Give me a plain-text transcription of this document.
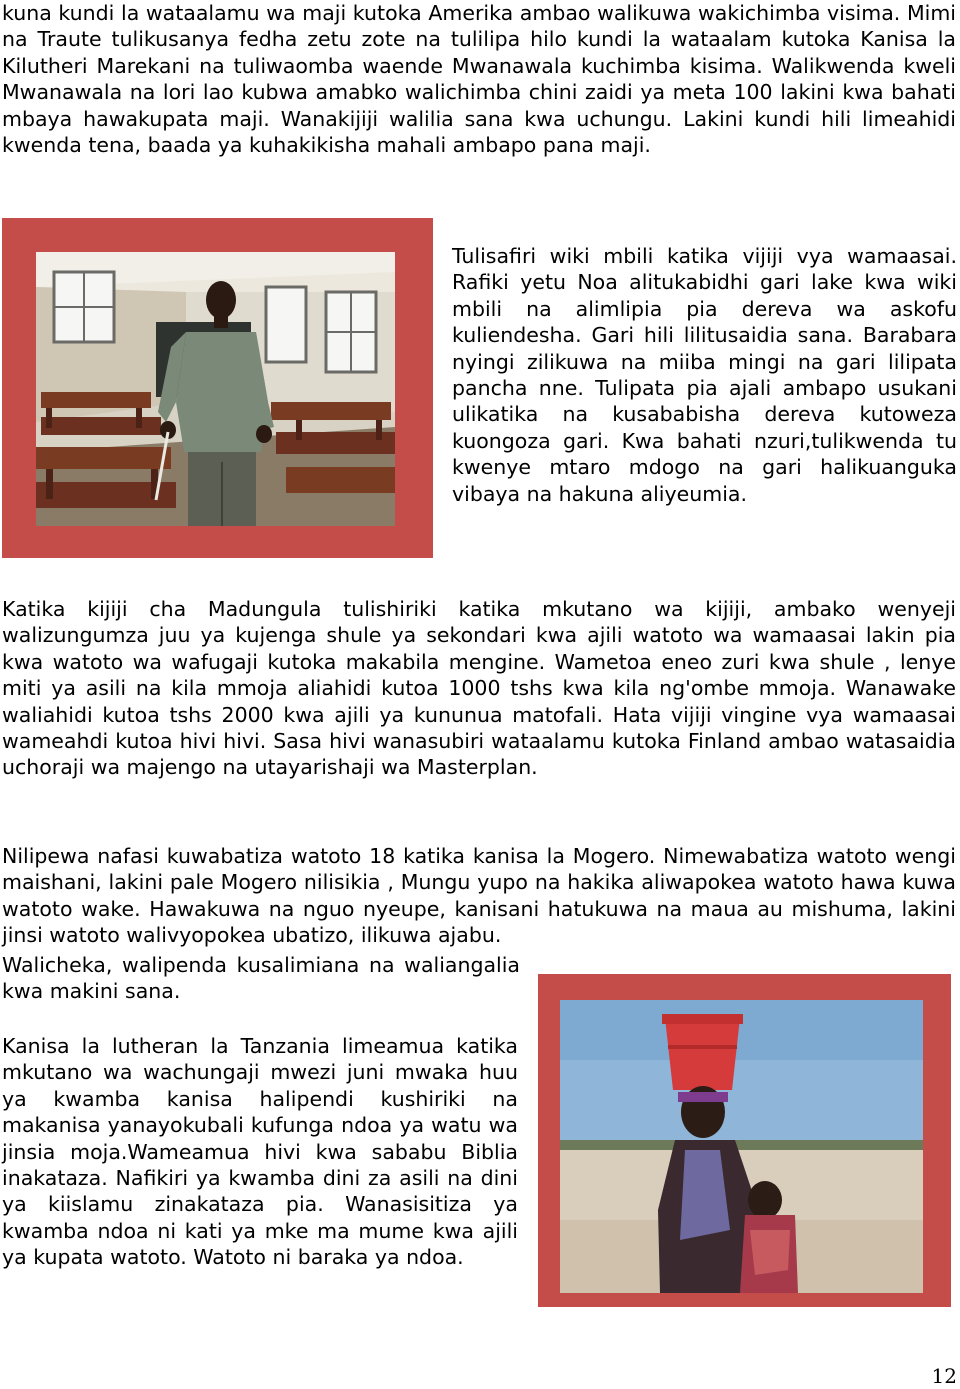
kuna kundi la wataalamu wa maji kutoka Amerika ambao walikuwa wakichimba visima. Mimi na Traute tulikusanya fedha zetu zote na tulilipa hilo kundi la wataalam kutoka Kanisa la Kilutheri Marekani na tuliwaomba waende Mwanawala kuchimba kisima. Walikwenda kweli Mwanawala na lori lao kubwa amabko walichimba chini zaidi ya meta 100 lakini kwa bahati mbaya hawakupata maji. Wanakijiji walilia sana kwa uchungu. Lakini kundi hili limeahidi kwenda tena, baada ya kuhakikisha mahali ambapo pana maji.

Tulisafiri wiki mbili katika vijiji vya wamaasai. Rafiki yetu Noa alitukabidhi gari lake kwa wiki mbili na alimlipia pia dereva wa askofu kuliendesha. Gari hili lilitusaidia sana. Barabara nyingi zilikuwa na miiba mingi na gari lilipata pancha nne. Tulipata pia ajali ambapo usukani ulikatika na kusababisha dereva kutoweza kuongoza gari. Kwa bahati nzuri,tulikwenda tu kwenye mtaro mdogo na gari halikuanguka vibaya na hakuna aliyeumia.

Katika kijiji cha Madungula tulishiriki katika mkutano wa kijiji, ambako wenyeji walizungumza juu ya kujenga shule ya sekondari kwa ajili watoto wa wamaasai lakin pia kwa watoto wa wafugaji kutoka makabila mengine. Wametoa eneo zuri kwa shule , lenye miti ya asili na kila mmoja aliahidi kutoa 1000 tshs kwa kila ng'ombe mmoja. Wanawake waliahidi kutoa tshs 2000 kwa ajili ya kununua matofali. Hata vijiji vingine vya wamaasai wameahdi kutoa hivi hivi. Sasa hivi wanasubiri wataalamu kutoka Finland ambao watasaidia uchoraji wa majengo na utayarishaji wa Masterplan.

Nilipewa nafasi kuwabatiza watoto 18 katika kanisa la Mogero. Nimewabatiza watoto wengi maishani, lakini pale Mogero nilisikia , Mungu yupo na hakika aliwapokea watoto hawa kuwa watoto wake. Hawakuwa na nguo nyeupe, kanisani hatukuwa na maua au mishuma, lakini jinsi watoto walivyopokea ubatizo, ilikuwa ajabu.

Walicheka, walipenda kusalimiana na waliangalia kwa makini sana.

Kanisa la lutheran la Tanzania limeamua katika mkutano wa wachungaji mwezi juni mwaka huu ya kwamba kanisa halipendi kushiriki na makanisa yanayokubali kufunga ndoa ya watu wa jinsia moja.Wameamua hivi kwa sababu Biblia inakataza. Nafikiri ya kwamba dini za asili na dini ya kiislamu zinakataza pia. Wanasisitiza ya kwamba ndoa ni kati ya mke ma mume kwa ajili ya kupata watoto. Watoto ni baraka ya ndoa.

12
